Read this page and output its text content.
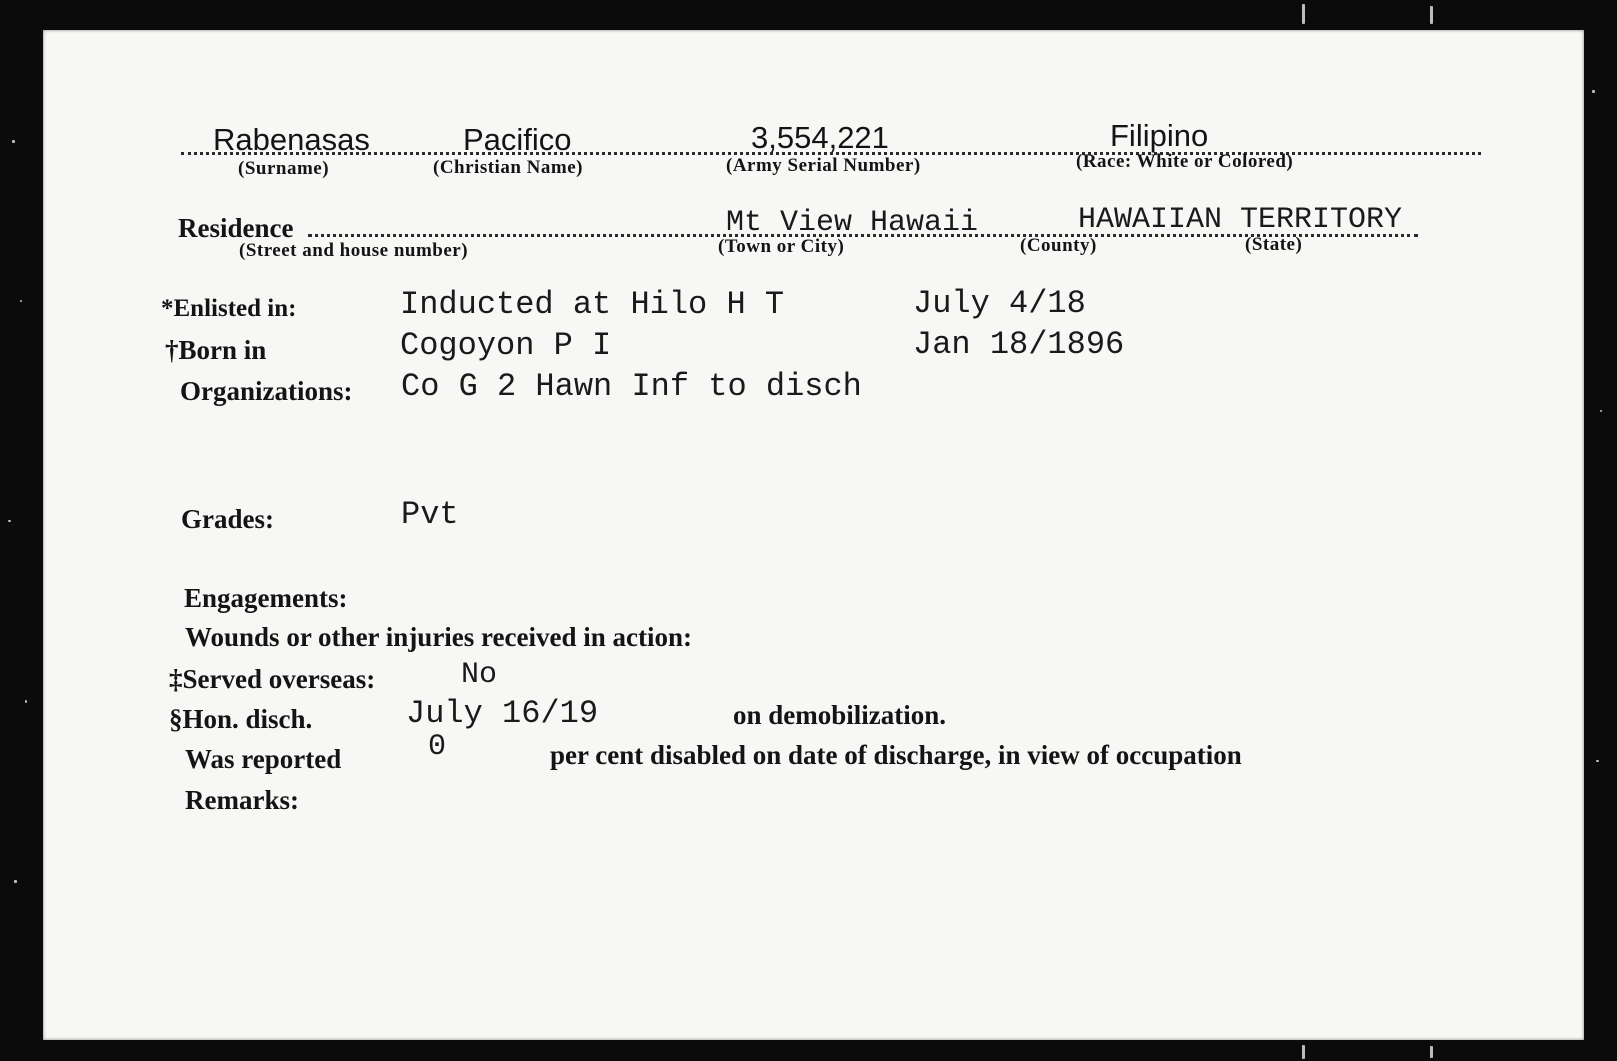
Rabenasas	Pacifico	3,554,221	Filipino
(Surname)	(Christian Name)	(Army Serial Number)	(Race: White or Colored)
Residence	Mt View Hawaii	HAWAIIAN TERRITORY
(Street and house number)	(Town or City)	(County)	(State)
*Enlisted in:	Inducted at Hilo H T	July 4/18
†Born in	Cogoyon P I	Jan 18/1896
Organizations: Co G 2 Hawn Inf to disch
Grades:	Pvt
Engagements:
Wounds or other injuries received in action:
‡Served overseas:	No
§Hon. disch.	July 16/19	on demobilization.
Was reported	0	per cent disabled on date of discharge, in view of occupation
Remarks:
